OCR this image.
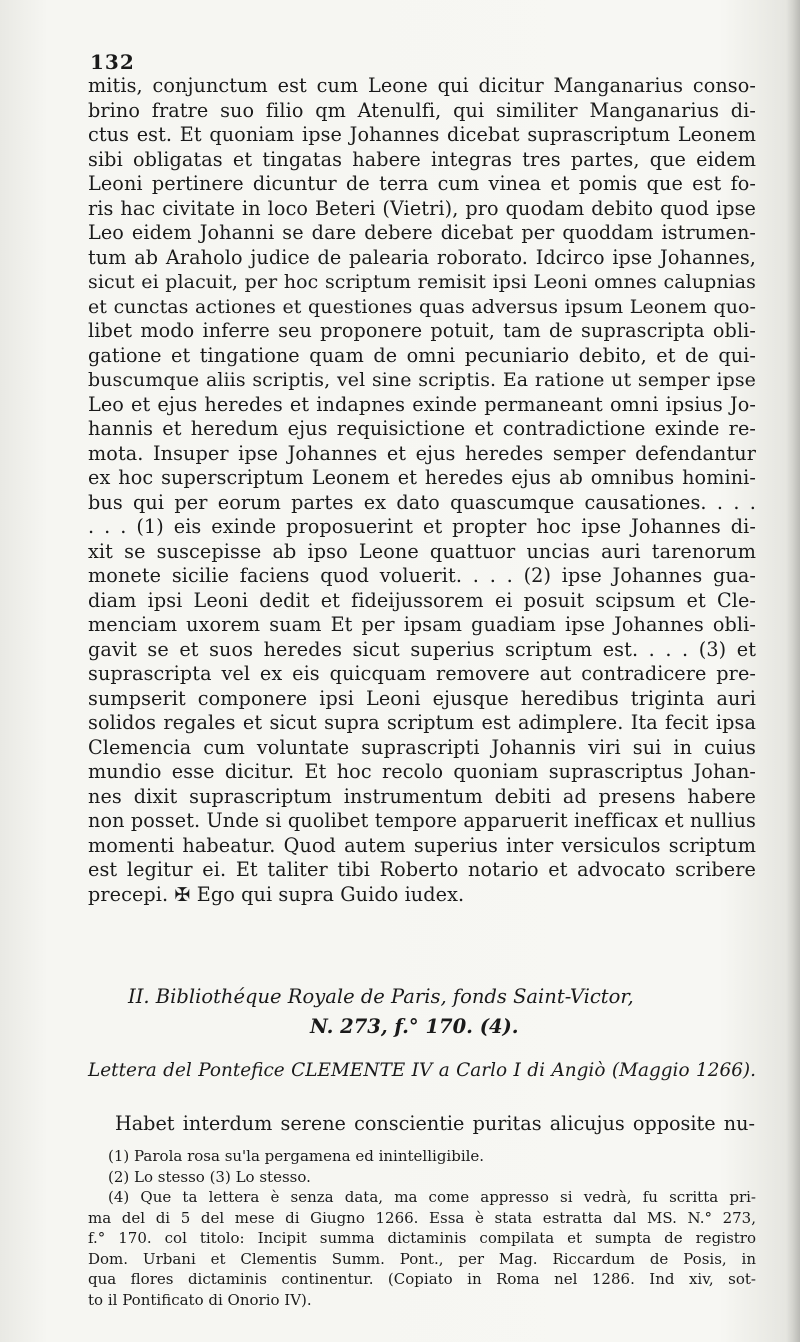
132
mitis, conjunctum est cum Leone qui dicitur Manganarius conso-
brino fratre suo filio qm Atenulfi, qui similiter Manganarius di-
ctus est. Et quoniam ipse Johannes dicebat suprascriptum Leonem
sibi obligatas et tingatas habere integras tres partes, que eidem
Leoni pertinere dicuntur de terra cum vinea et pomis que est fo-
ris hac civitate in loco Beteri (Vietri), pro quodam debito quod ipse
Leo eidem Johanni se dare debere dicebat per quoddam istrumen-
tum ab Araholo judice de palearia roborato. Idcirco ipse Johannes,
sicut ei placuit, per hoc scriptum remisit ipsi Leoni omnes calupnias
et cunctas actiones et questiones quas adversus ipsum Leonem quo-
libet modo inferre seu proponere potuit, tam de suprascripta obli-
gatione et tingatione quam de omni pecuniario debito, et de qui-
buscumque aliis scriptis, vel sine scriptis. Ea ratione ut semper ipse
Leo et ejus heredes et indapnes exinde permaneant omni ipsius Jo-
hannis et heredum ejus requisictione et contradictione exinde re-
mota. Insuper ipse Johannes et ejus heredes semper defendantur
ex hoc superscriptum Leonem et heredes ejus ab omnibus homini-
bus qui per eorum partes ex dato quascumque causationes. . . .
. . . (1) eis exinde proposuerint et propter hoc ipse Johannes di-
xit se suscepisse ab ipso Leone quattuor uncias auri tarenorum
monete sicilie faciens quod voluerit. . . . (2) ipse Johannes gua-
diam ipsi Leoni dedit et fideijussorem ei posuit scipsum et Cle-
menciam uxorem suam Et per ipsam guadiam ipse Johannes obli-
gavit se et suos heredes sicut superius scriptum est. . . . (3) et
suprascripta vel ex eis quicquam removere aut contradicere pre-
sumpserit componere ipsi Leoni ejusque heredibus triginta auri
solidos regales et sicut supra scriptum est adimplere. Ita fecit ipsa
Clemencia cum voluntate suprascripti Johannis viri sui in cuius
mundio esse dicitur. Et hoc recolo quoniam suprascriptus Johan-
nes dixit suprascriptum instrumentum debiti ad presens habere
non posset. Unde si quolibet tempore apparuerit inefficax et nullius
momenti habeatur. Quod autem superius inter versiculos scriptum
est legitur ei. Et taliter tibi Roberto notario et advocato scribere
precepi. ✠ Ego qui supra Guido iudex.
II. Bibliothéque Royale de Paris, fonds Saint-Victor,
N. 273, f.° 170. (4).
Lettera del Pontefice CLEMENTE IV a Carlo I di Angiò (Maggio 1266).
Habet interdum serene conscientie puritas alicujus opposite nu-
(1) Parola rosa su'la pergamena ed inintelligibile.
(2) Lo stesso (3) Lo stesso.
(4) Que ta lettera è senza data, ma come appresso si vedrà, fu scritta pri-
ma del di 5 del mese di Giugno 1266. Essa è stata estratta dal MS. N.° 273,
f.° 170. col titolo: Incipit summa dictaminis compilata et sumpta de registro
Dom. Urbani et Clementis Summ. Pont., per Mag. Riccardum de Posis, in
qua flores dictaminis continentur. (Copiato in Roma nel 1286. Ind xiv, sot-
to il Pontificato di Onorio IV).
